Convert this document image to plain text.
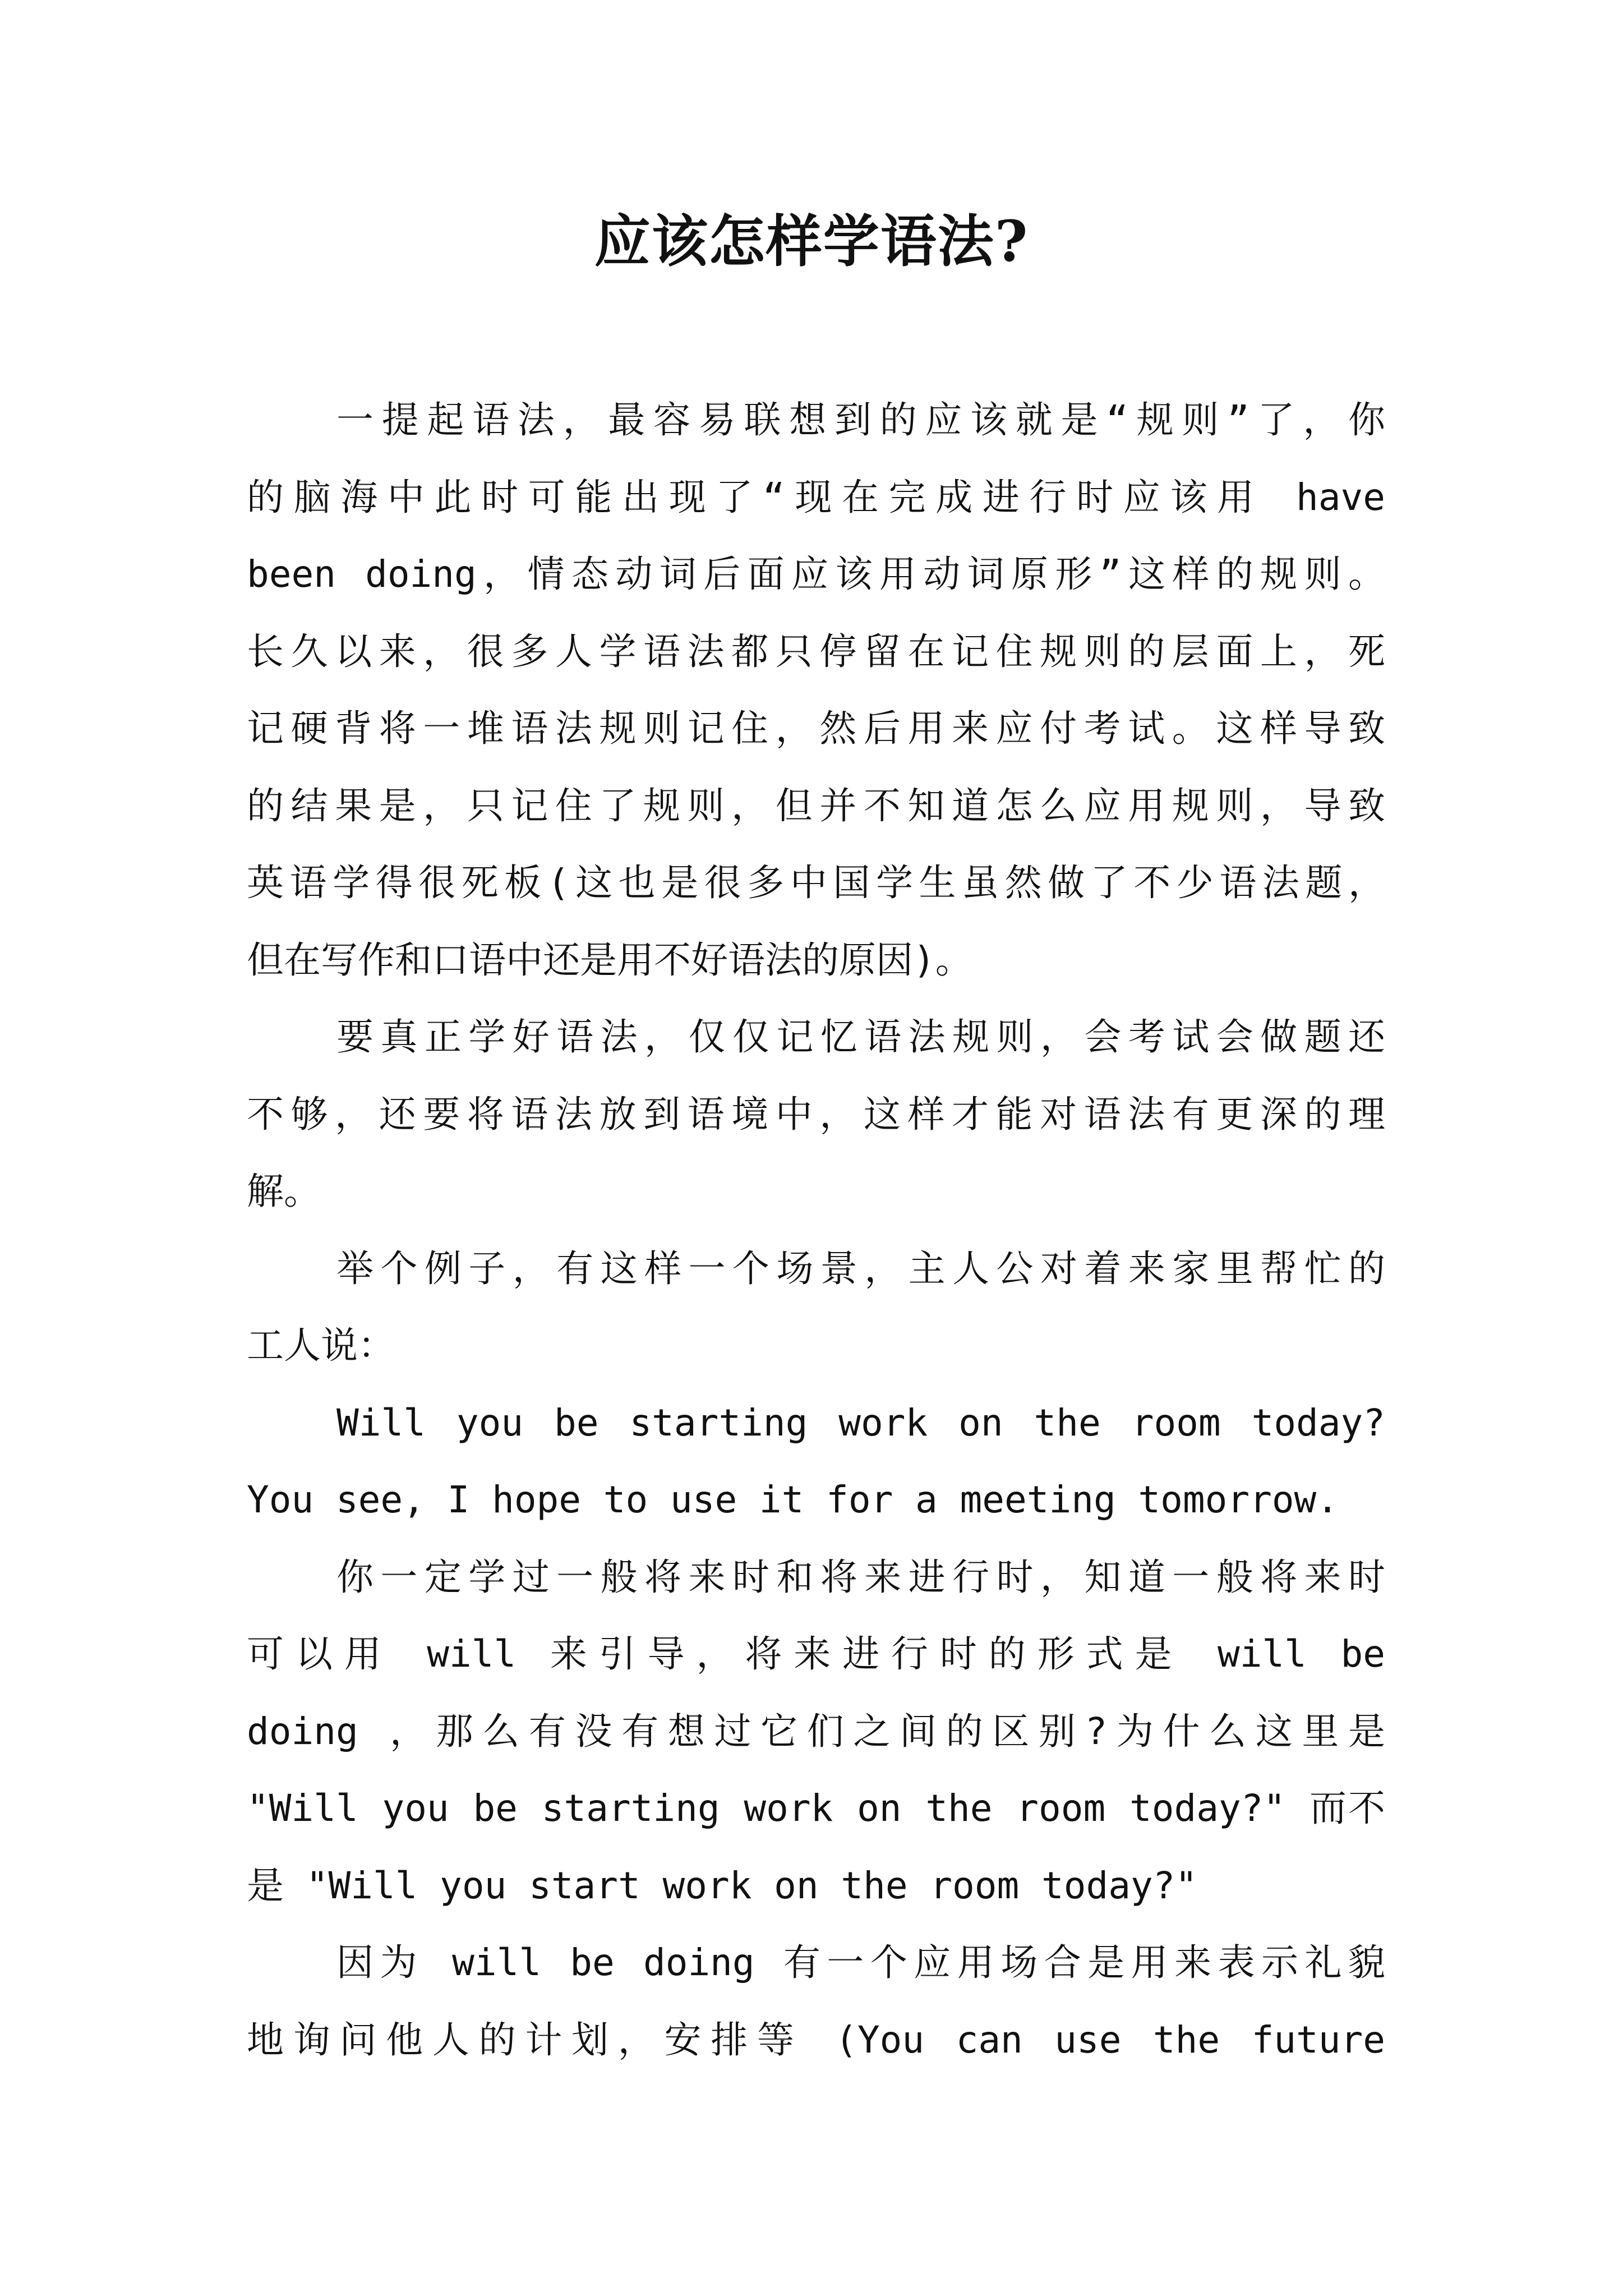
应该怎样学语法?
一提起语法，最容易联想到的应该就是“规则”了，你
的脑海中此时可能出现了“现在完成进行时应该用 have
been doing，情态动词后面应该用动词原形”这样的规则。
长久以来，很多人学语法都只停留在记住规则的层面上，死
记硬背将一堆语法规则记住，然后用来应付考试。这样导致
的结果是，只记住了规则，但并不知道怎么应用规则，导致
英语学得很死板(这也是很多中国学生虽然做了不少语法题，
但在写作和口语中还是用不好语法的原因)。
要真正学好语法，仅仅记忆语法规则，会考试会做题还
不够，还要将语法放到语境中，这样才能对语法有更深的理
解。
举个例子，有这样一个场景，主人公对着来家里帮忙的
工人说：
Will you be starting work on the room today?
You see, I hope to use it for a meeting tomorrow.
你一定学过一般将来时和将来进行时，知道一般将来时
可以用 will 来引导，将来进行时的形式是 will be
doing ，那么有没有想过它们之间的区别?为什么这里是
"Will you be starting work on the room today?" 而不
是 "Will you start work on the room today?"
因为 will be doing 有一个应用场合是用来表示礼貌
地询问他人的计划，安排等 (You can use the future
